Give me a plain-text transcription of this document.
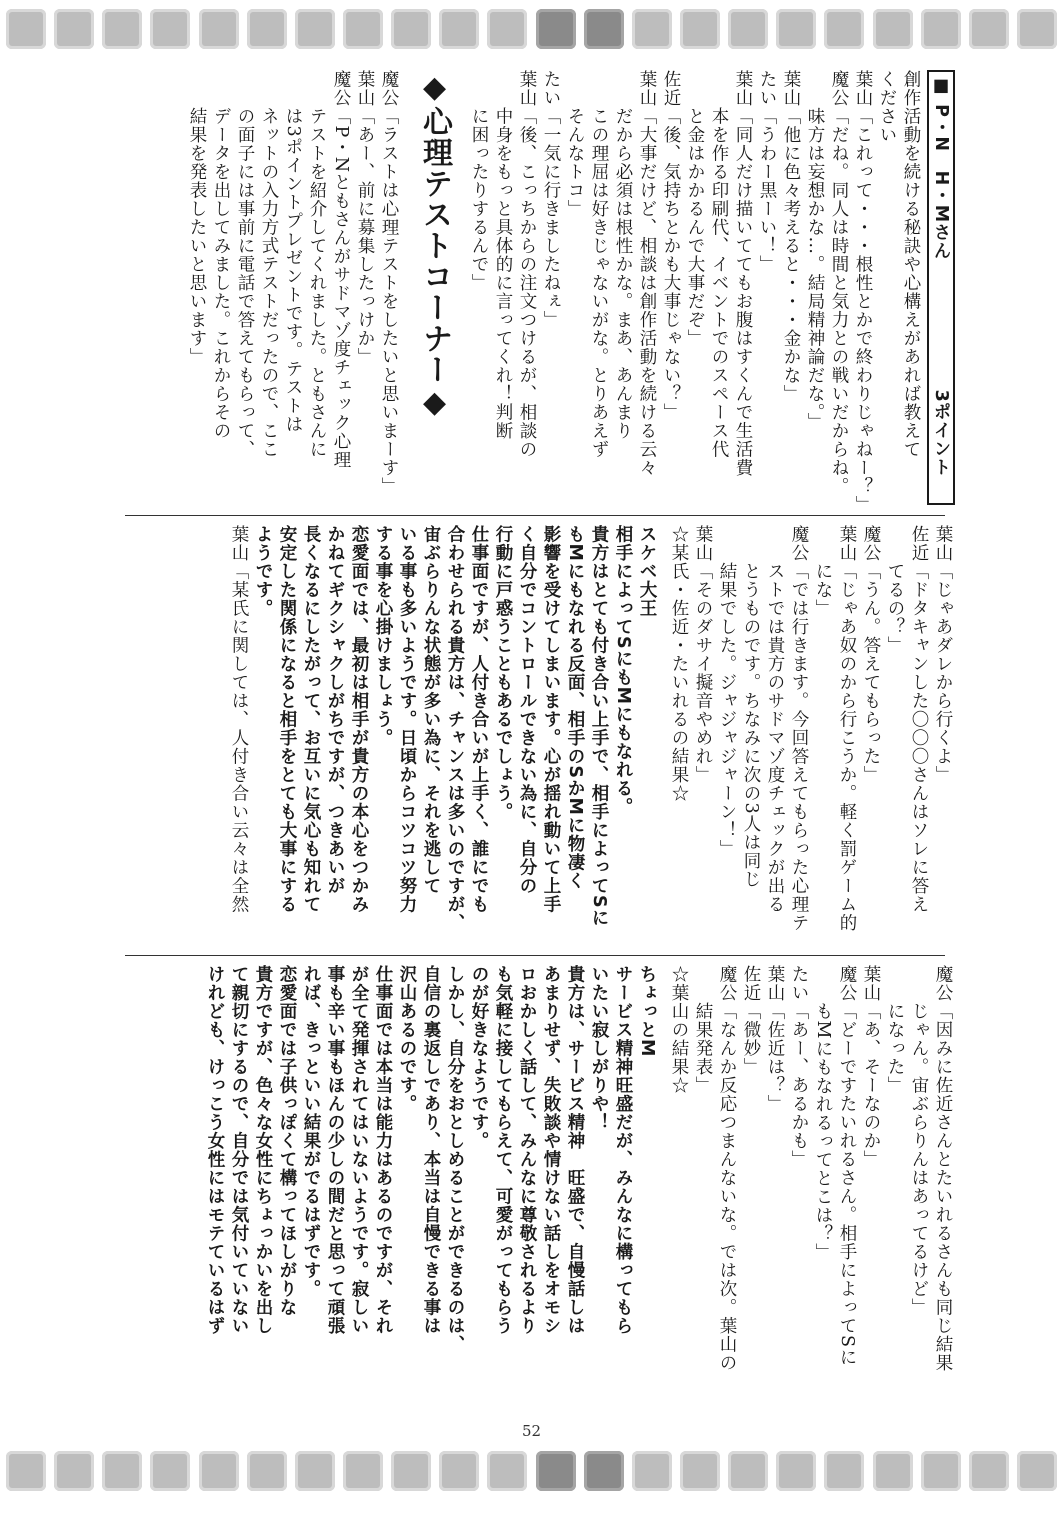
■ P・N　H・Mさん　　　　　　　3ポイント
創作活動を続ける秘訣や心構えがあれば教えて
ください
葉山「これって・・・根性とかで終わりじゃねー？」
魔公「だね。同人は時間と気力との戦いだからね。
　　味方は妄想かな…。結局精神論だな。」
葉山「他に色々考えると・・・金かな」
たい「うわー黒ーい！」
葉山「同人だけ描いててもお腹はすくんで生活費
　　本を作る印刷代、イベントでのスペース代
　　と金はかかるんで大事だぞ」
佐近「後、気持ちとかも大事じゃない？」
葉山「大事だけど、相談は創作活動を続ける云々
　　だから必須は根性かな。まあ、あんまり
　　この理屈は好きじゃないがな。とりあえず
　　そんなトコ」
たい「一気に行きましたねぇ」
葉山「後、こっちからの注文つけるが、相談の
　　中身をもっと具体的に言ってくれ！判断
　　に困ったりするんで」
◆心理テストコーナー◆
魔公「ラストは心理テストをしたいと思いまーす」
葉山「あー、前に募集したっけか」
魔公「P・Nともさんがサドマゾ度チェック心理
　　テストを紹介してくれました。ともさんに
　　は3ポイントプレゼントです。テストは
　　ネットの入力方式テストだったので、ここ
　　の面子には事前に電話で答えてもらって、
　　データを出してみました。これからその
　　結果を発表したいと思います」
葉山「じゃあダレから行くよ」
佐近「ドタキャンした〇〇〇さんはソレに答え
　　てるの？」
魔公「うん。答えてもらった」
葉山「じゃあ奴のから行こうか。軽く罰ゲーム的
　　にな」
魔公「では行きます。今回答えてもらった心理テ
　　ストでは貴方のサドマゾ度チェックが出る
　　とうものです。ちなみに次の3人は同じ
　　結果でした。ジャジャジャーン！」
葉山「そのダサイ擬音やめれ」
☆某氏・佐近・たいれるの結果☆
スケベ大王
相手によってSにもMにもなれる。
貴方はとても付き合い上手で、相手によってSに
もMにもなれる反面、相手のSかMに物凄く
影響を受けてしまいます。心が揺れ動いて上手
く自分でコントロールできない為に、自分の
行動に戸惑うこともあるでしょう。
仕事面ですが、人付き合いが上手く、誰にでも
合わせられる貴方は、チャンスは多いのですが、
宙ぶらりんな状態が多い為に、それを逃して
いる事も多いようです。日頃からコツコツ努力
する事を心掛けましょう。
恋愛面では、最初は相手が貴方の本心をつかみ
かねてギクシャクしがちですが、つきあいが
長くなるにしたがって、お互いに気心も知れて
安定した関係になると相手をとても大事にする
ようです。
葉山「某氏に関しては、人付き合い云々は全然
魔公「因みに佐近さんとたいれるさんも同じ結果
　　じゃん。宙ぶらりんはあってるけど」
　　になった」
葉山「あ、そーなのか」
魔公「どーですたいれるさん。相手によってSに
　　もMにもなれるってとこは？」
たい「あー、あるかも」
葉山「佐近は？」
佐近「微妙」
魔公「なんか反応つまんないな。では次。葉山の
　　結果発表」
☆葉山の結果☆
ちょっとM
サービス精神旺盛だが、みんなに構ってもら
いたい寂しがりや！
貴方は、サービス精神　旺盛で、自慢話しは
あまりせず、失敗談や情けない話しをオモシ
ロおかしく話して、みんなに尊敬されるより
も気軽に接してもらえて、可愛がってもらう
のが好きなようです。
しかし、自分をおとしめることができるのは、
自信の裏返しであり、本当は自慢できる事は
沢山あるのです。
仕事面では本当は能力はあるのですが、それ
が全て発揮されてはいないようです。寂しい
事も辛い事もほんの少しの間だと思って頑張
れば、きっといい結果がでるはずです。
恋愛面では子供っぽくて構ってほしがりな
貴方ですが、色々な女性にちょっかいを出し
て親切にするので、自分では気付いていない
けれども、けっこう女性にはモテているはず
52
